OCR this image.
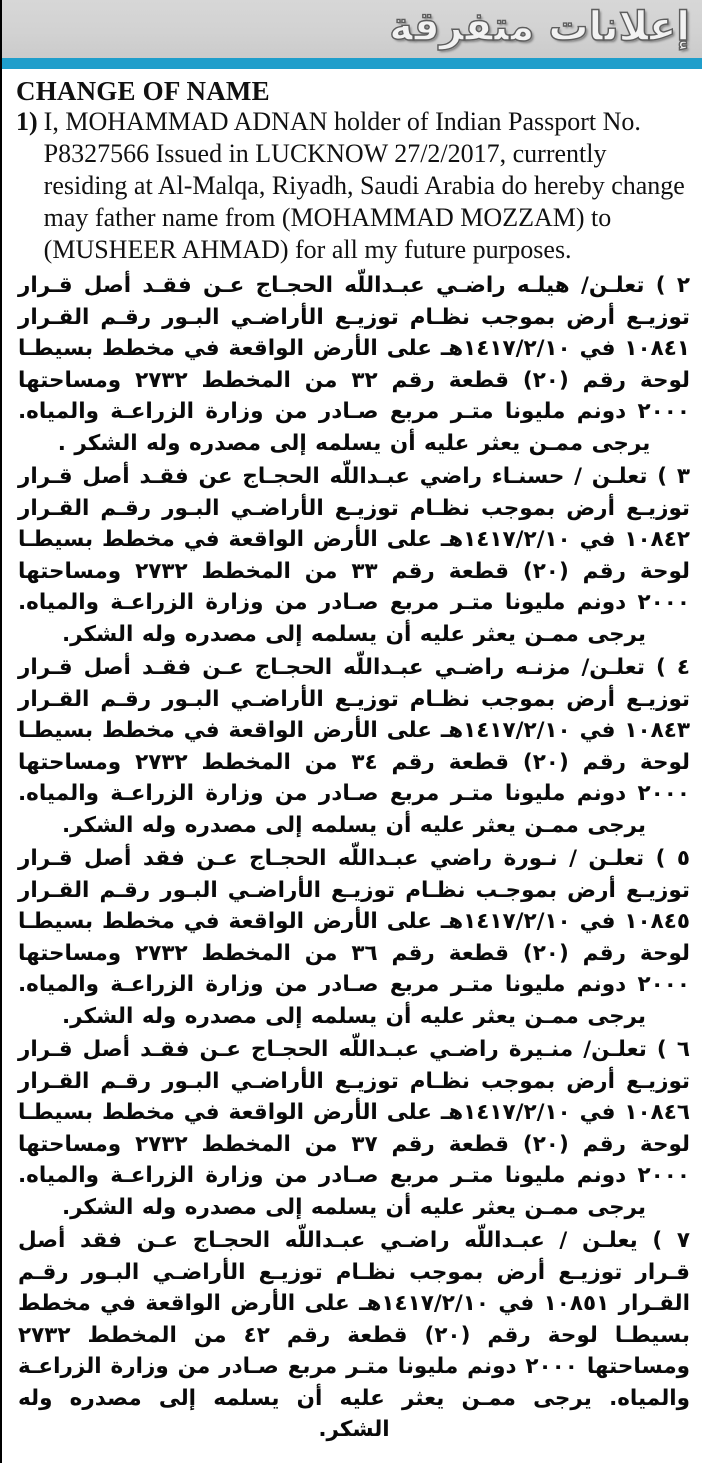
إعلانات متفرقة
CHANGE OF NAME
1) I, MOHAMMAD ADNAN holder of Indian Passport No. P8327566 Issued in LUCKNOW 27/2/2017, currently residing at Al-Malqa, Riyadh, Saudi Arabia do hereby change may father name from (MOHAMMAD MOZZAM) to (MUSHEER AHMAD) for all my future purposes.

٢ ) تعلـن/ هيلـه راضـي عبـداللّه الحجـاج عـن فقـد أصل قـرار توزيـع أرض بموجب نظـام توزيـع الأراضـي البـور رقـم القـرار ١٠٨٤١ في ١٤١٧/٢/١٠هـ على الأرض الواقعة في مخطط بسيطـا لوحة رقم (٢٠) قطعة رقم ٣٢ من المخطط ٢٧٣٢ ومساحتها ٢٠٠٠ دونم مليونا متـر مربع صـادر من وزارة الزراعـة والمياه. يرجى ممـن يعثر عليه أن يسلمه إلى مصدره وله الشكر .

٣ ) تعلـن / حسنـاء راضي عبـداللّه الحجـاج عن فقـد أصل قـرار توزيـع أرض بموجب نظـام توزيـع الأراضـي البـور رقـم القـرار ١٠٨٤٢ في ١٤١٧/٢/١٠هـ على الأرض الواقعة في مخطط بسيطـا لوحة رقم (٢٠) قطعة رقم ٣٣ من المخطط ٢٧٣٢ ومساحتها ٢٠٠٠ دونم مليونا متـر مربع صـادر من وزارة الزراعـة والمياه. يرجى ممـن يعثر عليه أن يسلمه إلى مصدره وله الشكر.

٤ ) تعلـن/ مزنـه راضـي عبـداللّه الحجـاج عـن فقـد أصل قـرار توزيـع أرض بموجب نظـام توزيـع الأراضـي البـور رقـم القـرار ١٠٨٤٣ في ١٤١٧/٢/١٠هـ على الأرض الواقعة في مخطط بسيطـا لوحة رقم (٢٠) قطعة رقم ٣٤ من المخطط ٢٧٣٢ ومساحتها ٢٠٠٠ دونم مليونا متـر مربع صـادر من وزارة الزراعـة والمياه. يرجى ممـن يعثر عليه أن يسلمه إلى مصدره وله الشكر.

٥ ) تعلـن / نـورة راضي عبـداللّه الحجـاج عـن فقد أصل قـرار توزيـع أرض بموجـب نظـام توزيـع الأراضـي البـور رقـم القـرار ١٠٨٤٥ في ١٤١٧/٢/١٠هـ على الأرض الواقعة في مخطط بسيطـا لوحة رقم (٢٠) قطعة رقم ٣٦ من المخطط ٢٧٣٢ ومساحتها ٢٠٠٠ دونم مليونا متـر مربع صـادر من وزارة الزراعـة والمياه. يرجى ممـن يعثر عليه أن يسلمه إلى مصدره وله الشكر.

٦ ) تعلـن/ منـيرة راضـي عبـداللّه الحجـاج عـن فقـد أصل قـرار توزيـع أرض بموجب نظـام توزيـع الأراضـي البـور رقـم القـرار ١٠٨٤٦ في ١٤١٧/٢/١٠هـ على الأرض الواقعة في مخطط بسيطـا لوحة رقم (٢٠) قطعة رقم ٣٧ من المخطط ٢٧٣٢ ومساحتها ٢٠٠٠ دونم مليونا متـر مربع صـادر من وزارة الزراعـة والمياه. يرجى ممـن يعثر عليه أن يسلمه إلى مصدره وله الشكر.

٧ ) يعلـن / عبـداللّه راضـي عبـداللّه الحجـاج عـن فقد أصل قـرار توزيـع أرض بموجب نظـام توزيـع الأراضـي البـور رقـم القـرار ١٠٨٥١ في ١٤١٧/٢/١٠هـ على الأرض الواقعة في مخطط بسيطـا لوحة رقم (٢٠) قطعة رقم ٤٢ من المخطط ٢٧٣٢ ومساحتها ٢٠٠٠ دونم مليونا متـر مربع صـادر من وزارة الزراعـة والمياه. يرجى ممـن يعثر عليه أن يسلمه إلى مصدره وله الشكر.
